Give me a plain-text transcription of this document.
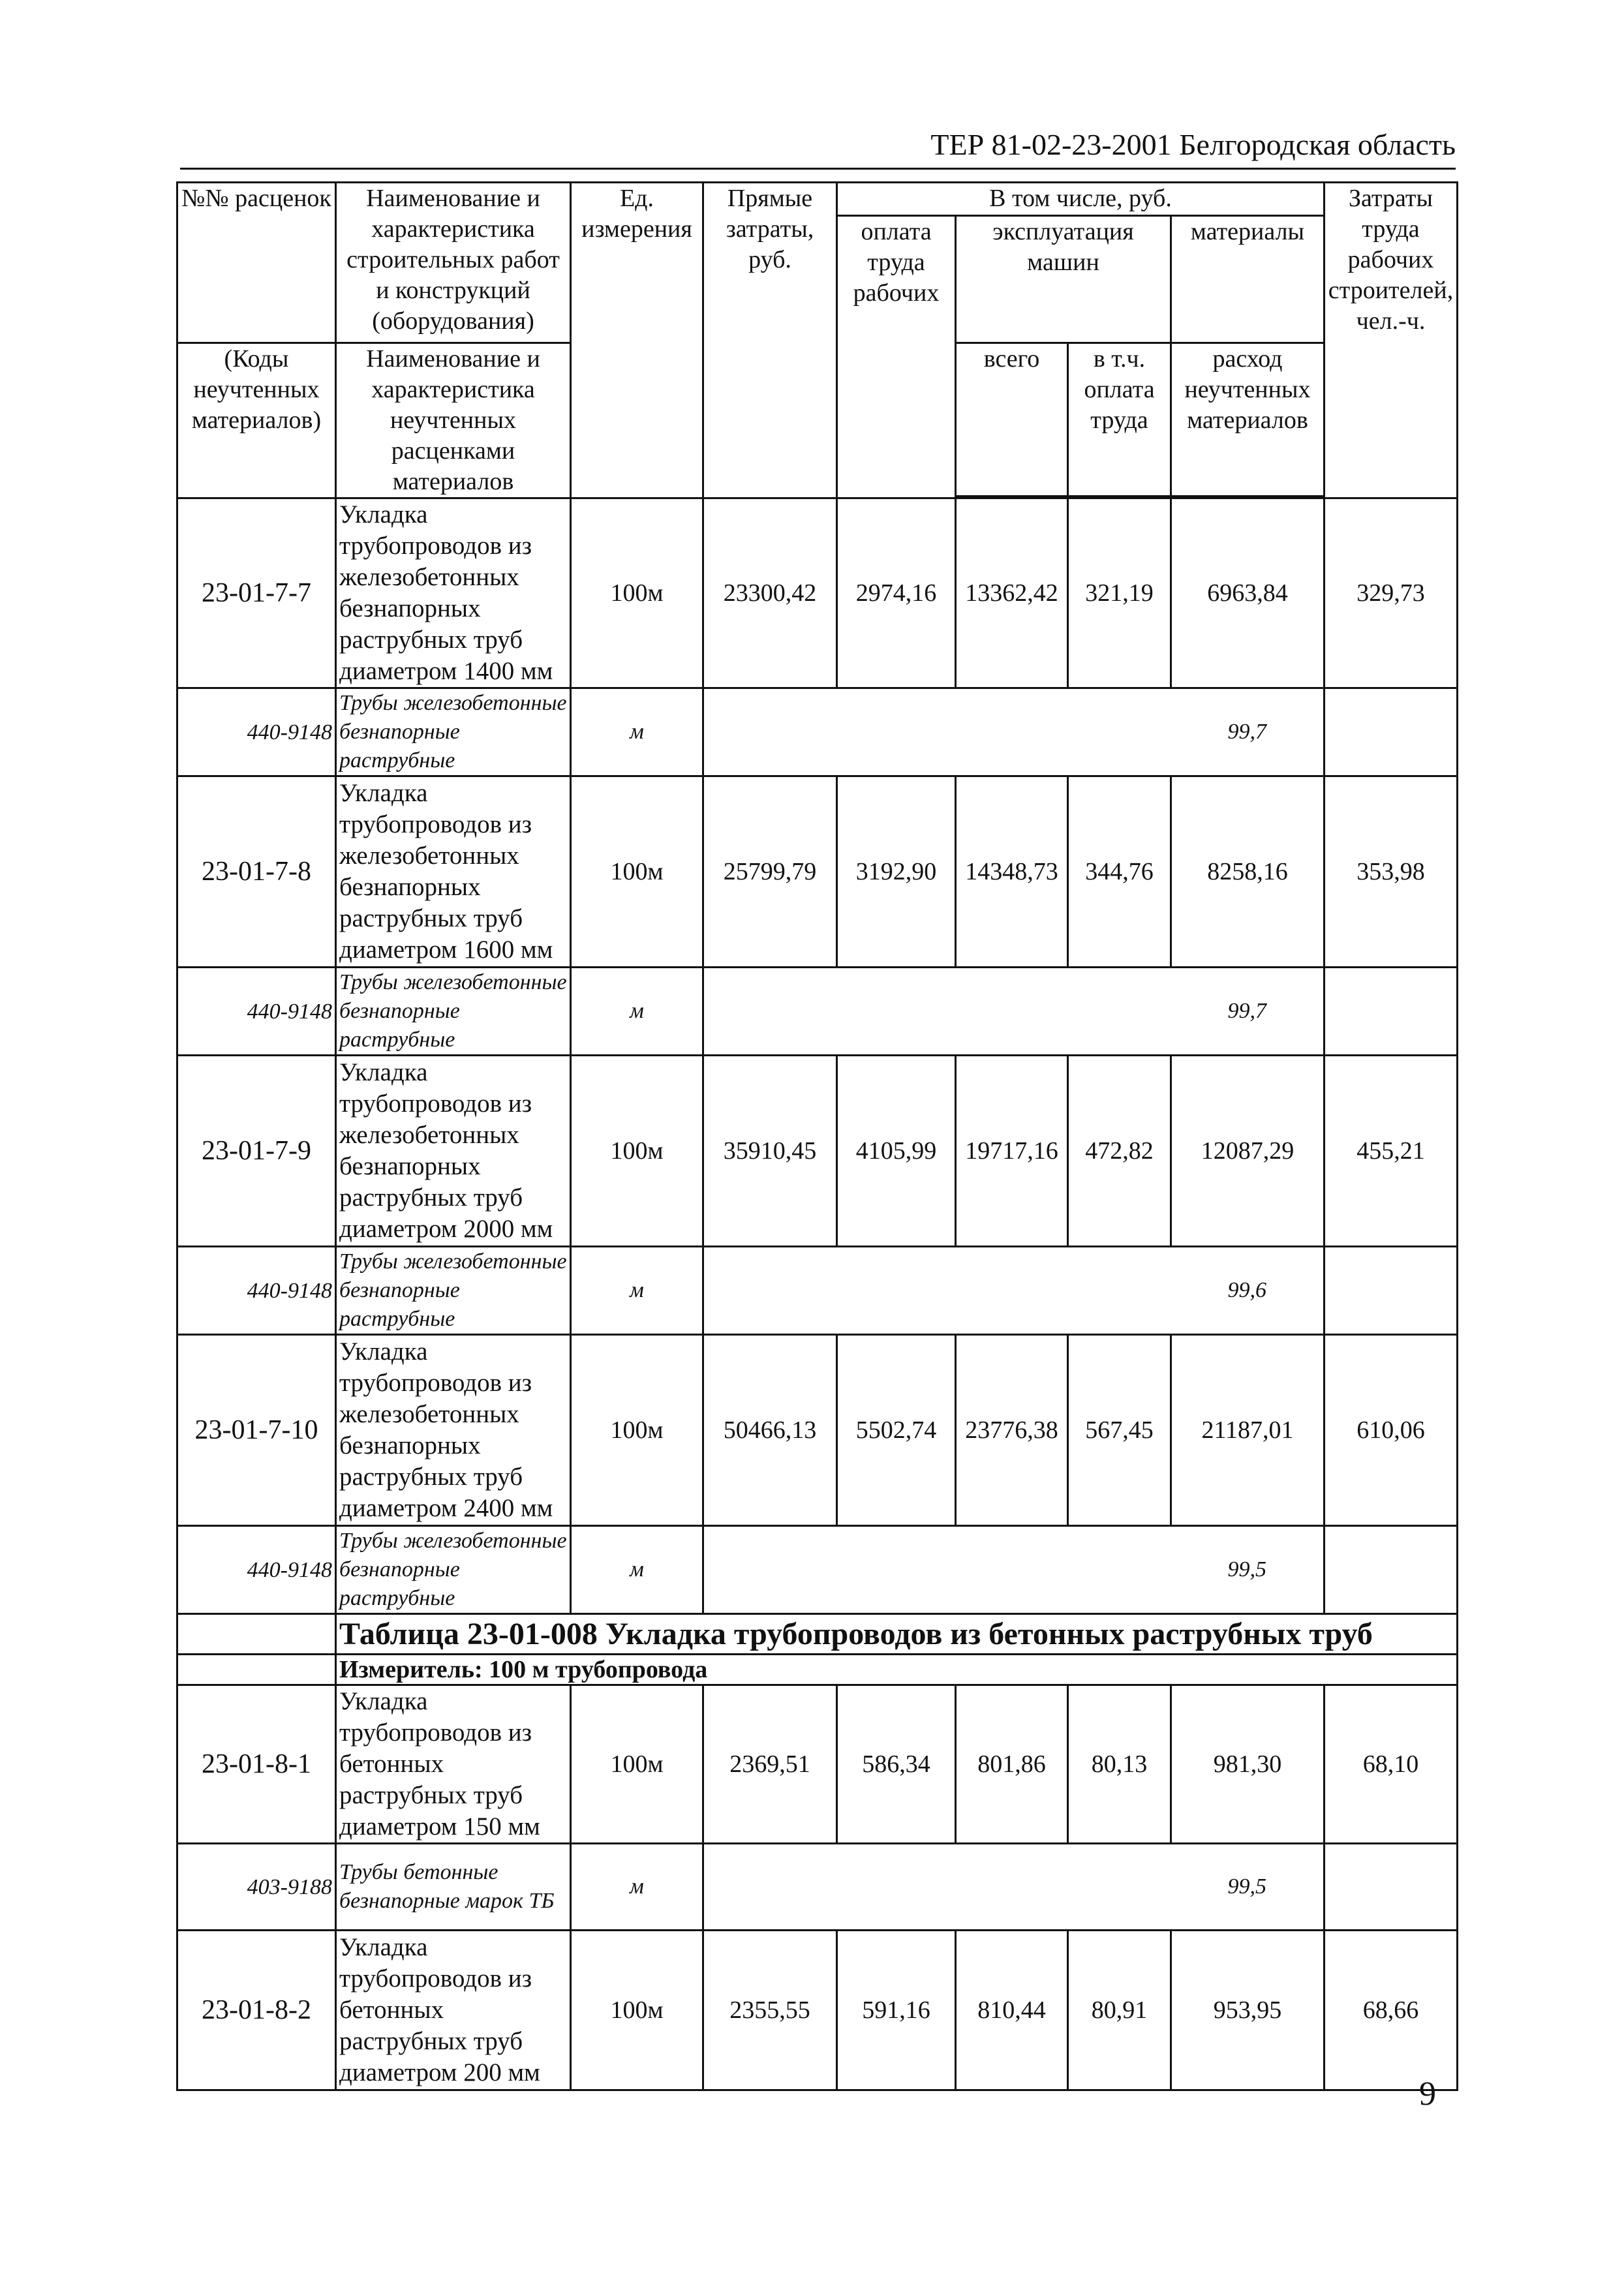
ТЕР 81-02-23-2001 Белгородская область
№№ расценок	Наименование и характеристика строительных работ и конструкций (оборудования)	Ед. измерения	Прямые затраты, руб.	В том числе, руб.				Затраты труда рабочих строителей, чел.-ч.
				оплата труда рабочих	эксплуатация машин		материалы	
(Коды неучтенных материалов)	Наименование и характеристика неучтенных расценками материалов				всего	в т.ч. оплата труда	расход неучтенных материалов	

23-01-7-7	Укладка трубопроводов из железобетонных безнапорных раструбных труб диаметром 1400 мм	100м	23300,42	2974,16	13362,42	321,19	6963,84	329,73
440-9148	Трубы железобетонные безнапорные раструбные	м					99,7	
23-01-7-8	Укладка трубопроводов из железобетонных безнапорных раструбных труб диаметром 1600 мм	100м	25799,79	3192,90	14348,73	344,76	8258,16	353,98
440-9148	Трубы железобетонные безнапорные раструбные	м					99,7	
23-01-7-9	Укладка трубопроводов из железобетонных безнапорных раструбных труб диаметром 2000 мм	100м	35910,45	4105,99	19717,16	472,82	12087,29	455,21
440-9148	Трубы железобетонные безнапорные раструбные	м					99,6	
23-01-7-10	Укладка трубопроводов из железобетонных безнапорных раструбных труб диаметром 2400 мм	100м	50466,13	5502,74	23776,38	567,45	21187,01	610,06
440-9148	Трубы железобетонные безнапорные раструбные	м					99,5	
	Таблица 23-01-008 Укладка трубопроводов из бетонных раструбных труб							
	Измеритель: 100 м трубопровода							
23-01-8-1	Укладка трубопроводов из бетонных раструбных труб диаметром 150 мм	100м	2369,51	586,34	801,86	80,13	981,30	68,10
403-9188	Трубы бетонные безнапорные марок ТБ	м					99,5	
23-01-8-2	Укладка трубопроводов из бетонных раструбных труб диаметром 200 мм	100м	2355,55	591,16	810,44	80,91	953,95	68,66
9
